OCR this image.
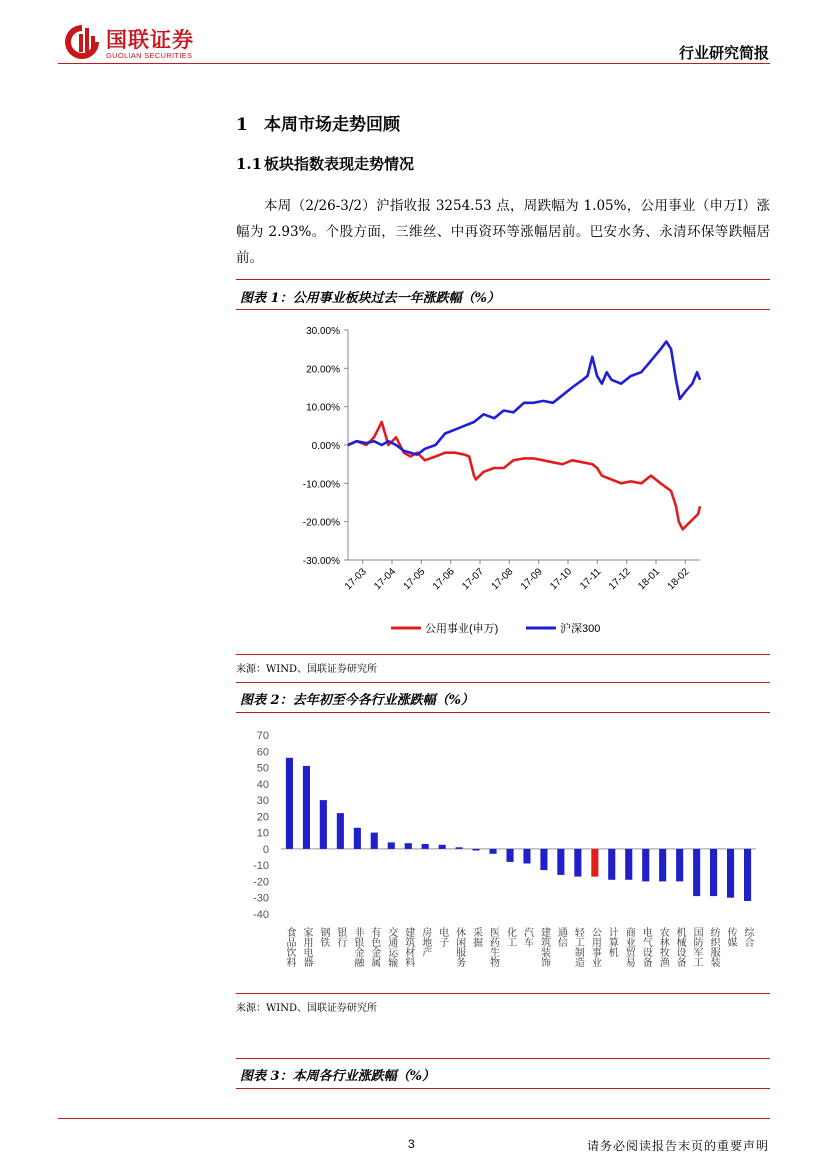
国联证券
GUOLIAN SECURITIES	行业研究简报
1 本周市场走势回顾
1.1 板块指数表现走势情况
本周（2/26-3/2）沪指收报 3254.53 点，周跌幅为 1.05%，公用事业（申万Ⅰ）涨幅为 2.93%。个股方面，三维丝、中再资环等涨幅居前。巴安水务、永清环保等跌幅居前。
图表 1：公用事业板块过去一年涨跌幅（%）
30.00%
20.00%
10.00%
0.00%
-10.00%
-20.00%
-30.00%
17-03 17-04 17-05 17-06 17-07 17-08 17-09 17-10 17-11 17-12 18-01 18-02
公用事业(申万)	沪深300
来源：WIND、国联证券研究所
图表 2：去年初至今各行业涨跌幅（%）
70
60
50
40
30
20
10
0
-10
-20
-30
-40
食品饮料 家用电器 钢铁 银行 非银金融 有色金属 交通运输 建筑材料 房地产 电子 休闲服务 采掘 医药生物 化工 汽车 建筑装饰 通信 轻工制造 公用事业 计算机 商业贸易 电气设备 农林牧渔 机械设备 国防军工 纺织服装 传媒 综合
来源：WIND、国联证券研究所
图表 3：本周各行业涨跌幅（%）
3	请务必阅读报告末页的重要声明
